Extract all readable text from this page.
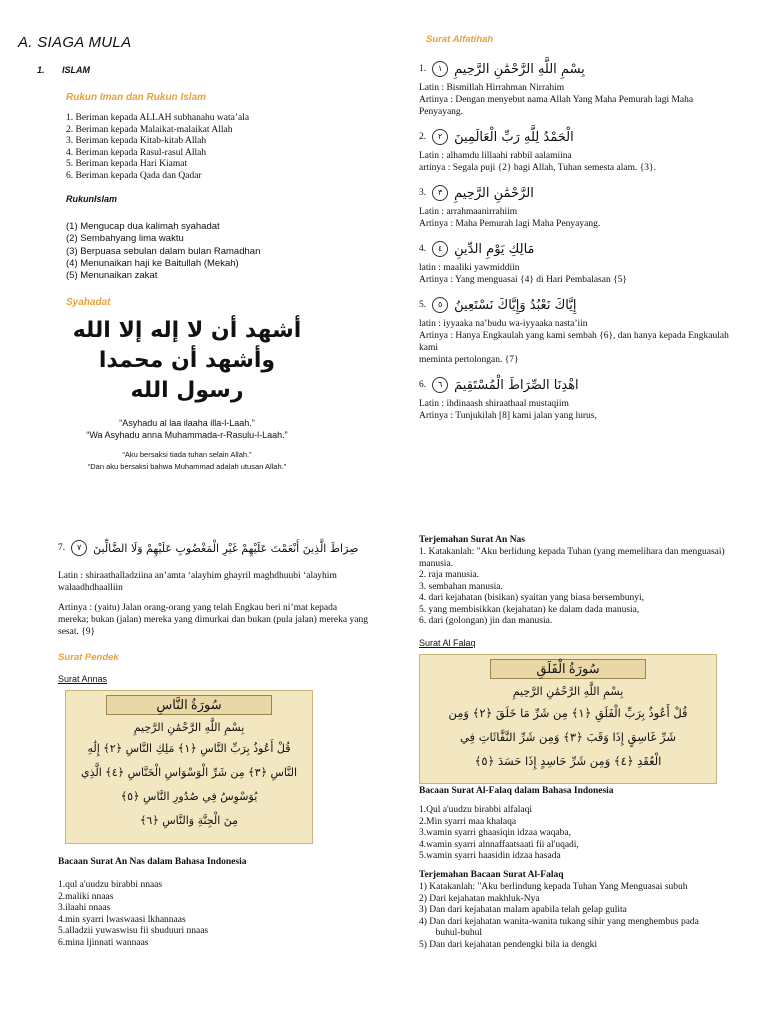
A. SIAGA MULA
1.       ISLAM
Rukun Iman dan Rukun Islam
1. Beriman kepada ALLAH subhanahu wata’ala
2. Beriman kepada Malaikat-malaikat Allah
3. Beriman kepada Kitab-kitab Allah
4. Beriman kepada Rasul-rasul Allah
5. Beriman kepada Hari Kiamat
6. Beriman kepada Qada dan Qadar
RukunIslam
(1) Mengucap dua kalimah syahadat
(2) Sembahyang lima waktu
(3) Berpuasa sebulan dalam bulan Ramadhan
(4) Menunaikan haji ke Baitullah (Mekah)
(5) Menunaikan zakat
Syahadat
أشهد أن لا إله إلا الله
وأشهد أن محمدا رسول الله
“Asyhadu al laa ilaaha illa-l-Laah.”
“Wa Asyhadu anna Muhammada-r-Rasulu-l-Laah.”
“Aku bersaksi tiada tuhan selain Allah.”
“Dan aku bersaksi bahwa Muhammad adalah utusan Allah.”
Surat Alfatihah
1.	١ بِسْمِ اللَّهِ الرَّحْمَٰنِ الرَّحِيمِ
Latin : Bismillah Hirrahman Nirrahim
Artinya : Dengan menyebut nama Allah Yang Maha Pemurah lagi Maha Penyayang.
2.	٢ الْحَمْدُ لِلَّهِ رَبِّ الْعَالَمِينَ
Latin : alhamdu lillaahi rabbil aalamiina
artinya : Segala puji {2} bagi Allah, Tuhan semesta alam. {3}.
3.	٣ الرَّحْمَٰنِ الرَّحِيمِ
Latin : arrahmaanirrahiim
Artinya : Maha Pemurah lagi Maha Penyayang.
4.	٤ مَالِكِ يَوْمِ الدِّينِ
latin : maaliki yawmiddiin
Artinya : Yang menguasai {4} di Hari Pembalasan {5}
5.	٥ إِيَّاكَ نَعْبُدُ وَإِيَّاكَ نَسْتَعِينُ
latin : iyyaaka na’budu wa-iyyaaka nasta’iin
Artinya : Hanya Engkaulah yang kami sembah {6}, dan hanya kepada Engkaulah kami
meminta pertolongan. {7}
6.	٦ اهْدِنَا الصِّرَاطَ الْمُسْتَقِيمَ
Latin : ihdinaash shiraathaal mustaqiim
Artinya : Tunjukilah [8] kami jalan yang lurus,
7.	٧	صِرَاطَ الَّذِينَ أَنْعَمْتَ عَلَيْهِمْ غَيْرِ الْمَغْضُوبِ عَلَيْهِمْ وَلَا الضَّالِّينَ
Latin : shiraathalladziina an’amta ‘alayhim ghayril maghdhuubi ‘alayhim walaadhdhaalliin
Artinya : (yaitu) Jalan orang-orang yang telah Engkau beri ni’mat kepada mereka; bukan (jalan) mereka yang dimurkai dan bukan (pula jalan) mereka yang sesat. {9}
Surat Pendek
Surat Annas
سُورَةُ النَّاسِ
بِسْمِ اللَّهِ الرَّحْمَٰنِ الرَّحِيمِ
قُلْ أَعُوذُ بِرَبِّ النَّاسِ ﴿١﴾ مَلِكِ النَّاسِ ﴿٢﴾ إِلَٰهِ
النَّاسِ ﴿٣﴾ مِن شَرِّ الْوَسْوَاسِ الْخَنَّاسِ ﴿٤﴾ الَّذِي
يُوَسْوِسُ فِي صُدُورِ النَّاسِ ﴿٥﴾
مِنَ الْجِنَّةِ وَالنَّاسِ ﴿٦﴾
Bacaan Surat An Nas dalam Bahasa Indonesia
1.qul a'uudzu birabbi nnaas
2.maliki nnaas
3.ilaahi nnaas
4.min syarri lwaswaasi lkhannaas
5.alladzii yuwaswisu fii shuduuri nnaas
6.mina ljinnati wannaas
Terjemahan Surat An Nas
1. Katakanlah: "Aku berlidung kepada Tuhan (yang memelihara dan menguasai) manusia.
2. raja manusia.
3. sembahan manusia.
4. dari kejahatan (bisikan) syaitan yang biasa bersembunyi,
5. yang membisikkan (kejahatan) ke dalam dada manusia,
6. dari (golongan) jin dan manusia.
Surat Al Falaq
سُورَةُ الْفَلَقِ
بِسْمِ اللَّهِ الرَّحْمَٰنِ الرَّحِيمِ
قُلْ أَعُوذُ بِرَبِّ الْفَلَقِ ﴿١﴾ مِن شَرِّ مَا خَلَقَ ﴿٢﴾ وَمِن
شَرِّ غَاسِقٍ إِذَا وَقَبَ ﴿٣﴾ وَمِن شَرِّ النَّفَّاثَاتِ فِي
الْعُقَدِ ﴿٤﴾ وَمِن شَرِّ حَاسِدٍ إِذَا حَسَدَ ﴿٥﴾
Bacaan Surat Al-Falaq dalam Bahasa Indonesia
1.Qul a'uudzu birabbi alfalaqi
2.Min syarri maa khalaqa
3.wamin syarri ghaasiqin idzaa waqaba,
4.wamin syarri alnnaffaatsaati fii al'uqadi,
5.wamin syarri haasidin idzaa hasada
Terjemahan Bacaan Surat Al-Falaq
1) Katakanlah: "Aku berlindung kepada Tuhan Yang Menguasai subuh
2) Dari kejahatan makhluk-Nya
3) Dan dari kejahatan malam apabila telah gelap gulita
4) Dan dari kejahatan wanita-wanita tukang sihir yang menghembus pada
buhul-buhul
5) Dan dari kejahatan pendengki bila ia dengki
